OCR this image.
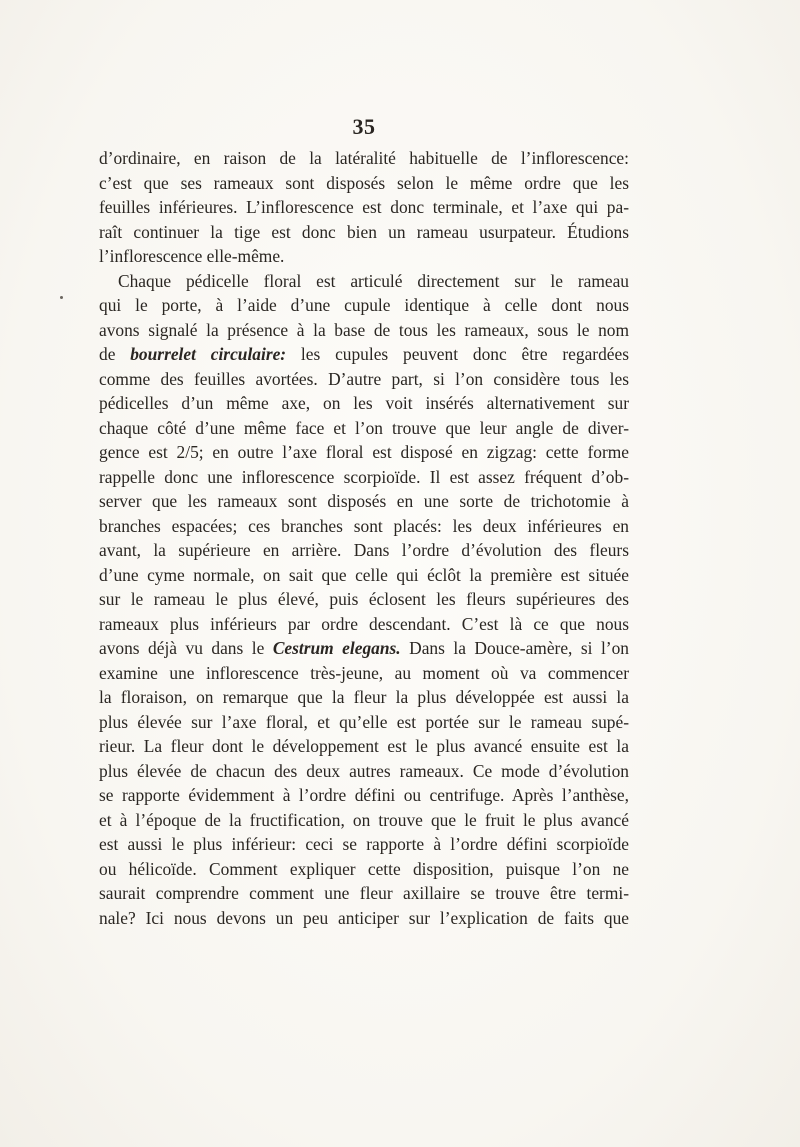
35
d’ordinaire, en raison de la latéralité habituelle de l’inflorescence:
c’est que ses rameaux sont disposés selon le même ordre que les
feuilles inférieures. L’inflorescence est donc terminale, et l’axe qui pa-
raît continuer la tige est donc bien un rameau usurpateur. Étudions
l’inflorescence elle-même.
Chaque pédicelle floral est articulé directement sur le rameau
qui le porte, à l’aide d’une cupule identique à celle dont nous
avons signalé la présence à la base de tous les rameaux, sous le nom
de bourrelet circulaire: les cupules peuvent donc être regardées
comme des feuilles avortées. D’autre part, si l’on considère tous les
pédicelles d’un même axe, on les voit insérés alternativement sur
chaque côté d’une même face et l’on trouve que leur angle de diver-
gence est 2/5; en outre l’axe floral est disposé en zigzag: cette forme
rappelle donc une inflorescence scorpioïde. Il est assez fréquent d’ob-
server que les rameaux sont disposés en une sorte de trichotomie à
branches espacées; ces branches sont placés: les deux inférieures en
avant, la supérieure en arrière. Dans l’ordre d’évolution des fleurs
d’une cyme normale, on sait que celle qui éclôt la première est située
sur le rameau le plus élevé, puis éclosent les fleurs supérieures des
rameaux plus inférieurs par ordre descendant. C’est là ce que nous
avons déjà vu dans le Cestrum elegans. Dans la Douce-amère, si l’on
examine une inflorescence très-jeune, au moment où va commencer
la floraison, on remarque que la fleur la plus développée est aussi la
plus élevée sur l’axe floral, et qu’elle est portée sur le rameau supé-
rieur. La fleur dont le développement est le plus avancé ensuite est la
plus élevée de chacun des deux autres rameaux. Ce mode d’évolution
se rapporte évidemment à l’ordre défini ou centrifuge. Après l’anthèse,
et à l’époque de la fructification, on trouve que le fruit le plus avancé
est aussi le plus inférieur: ceci se rapporte à l’ordre défini scorpioïde
ou hélicoïde. Comment expliquer cette disposition, puisque l’on ne
saurait comprendre comment une fleur axillaire se trouve être termi-
nale? Ici nous devons un peu anticiper sur l’explication de faits que
